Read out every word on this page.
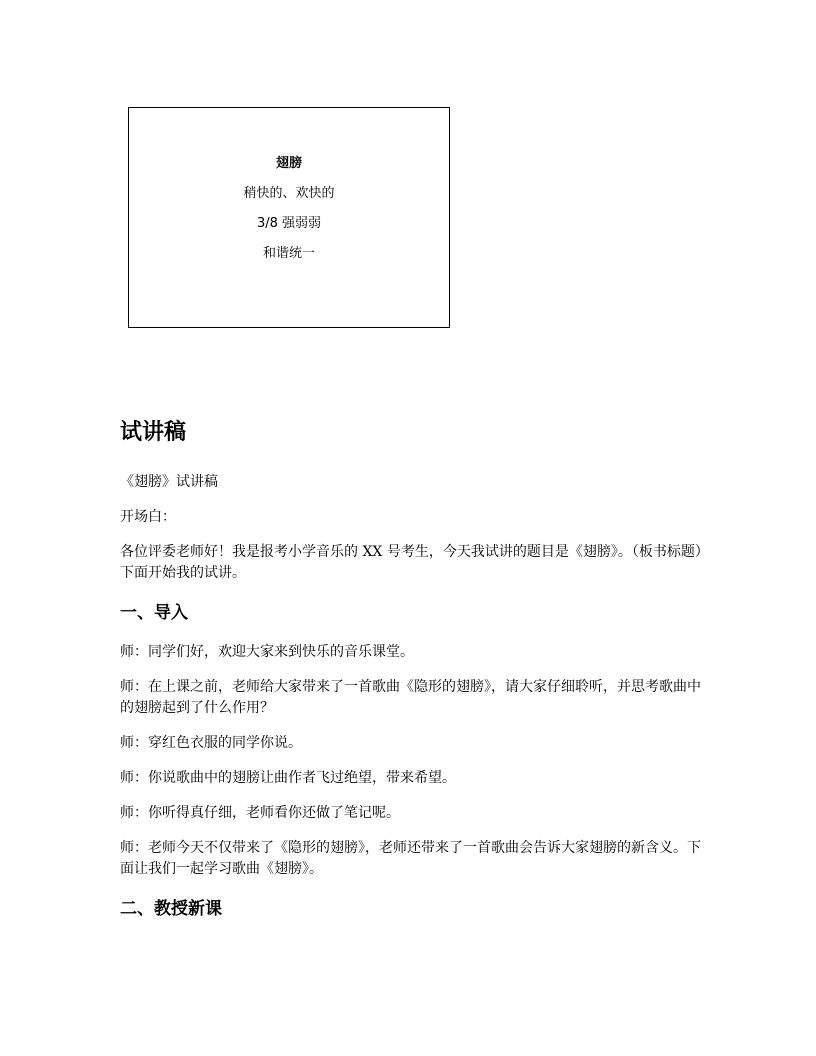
翅膀
稍快的、欢快的
3/8 强弱弱
和谐统一
试讲稿

《翅膀》试讲稿

开场白：

各位评委老师好！我是报考小学音乐的 XX 号考生，今天我试讲的题目是《翅膀》。（板书标题）下面开始我的试讲。

一、导入

师：同学们好，欢迎大家来到快乐的音乐课堂。

师：在上课之前，老师给大家带来了一首歌曲《隐形的翅膀》，请大家仔细聆听，并思考歌曲中的翅膀起到了什么作用？

师：穿红色衣服的同学你说。

师：你说歌曲中的翅膀让曲作者飞过绝望，带来希望。

师：你听得真仔细，老师看你还做了笔记呢。

师：老师今天不仅带来了《隐形的翅膀》，老师还带来了一首歌曲会告诉大家翅膀的新含义。下面让我们一起学习歌曲《翅膀》。

二、教授新课
